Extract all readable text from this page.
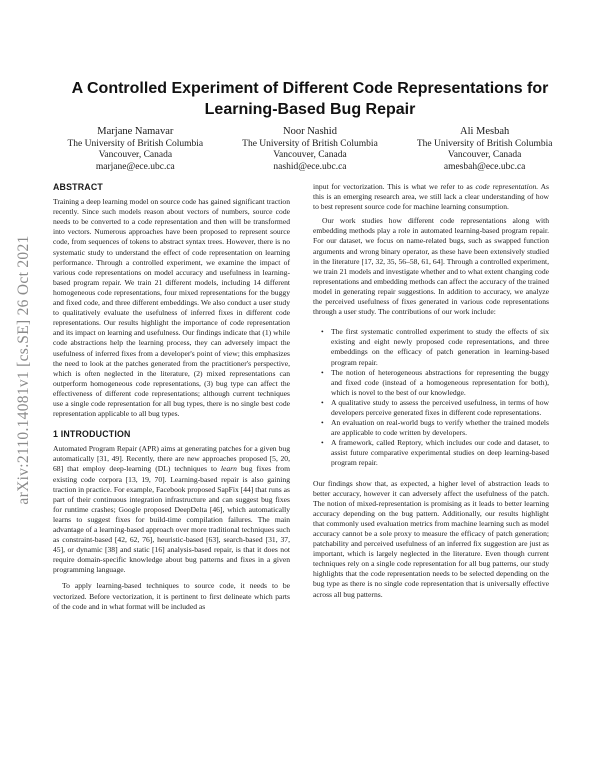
arXiv:2110.14081v1 [cs.SE] 26 Oct 2021
A Controlled Experiment of Different Code Representations for
Learning-Based Bug Repair
Marjane Namavar
The University of British Columbia
Vancouver, Canada
marjane@ece.ubc.ca
Noor Nashid
The University of British Columbia
Vancouver, Canada
nashid@ece.ubc.ca
Ali Mesbah
The University of British Columbia
Vancouver, Canada
amesbah@ece.ubc.ca
ABSTRACT

Training a deep learning model on source code has gained significant traction recently. Since such models reason about vectors of numbers, source code needs to be converted to a code representation and then will be transformed into vectors. Numerous approaches have been proposed to represent source code, from sequences of tokens to abstract syntax trees. However, there is no systematic study to understand the effect of code representation on learning performance. Through a controlled experiment, we examine the impact of various code representations on model accuracy and usefulness in learning-based program repair. We train 21 different models, including 14 different homogeneous code representations, four mixed representations for the buggy and fixed code, and three different embeddings. We also conduct a user study to qualitatively evaluate the usefulness of inferred fixes in different code representations. Our results highlight the importance of code representation and its impact on learning and usefulness. Our findings indicate that (1) while code abstractions help the learning process, they can adversely impact the usefulness of inferred fixes from a developer's point of view; this emphasizes the need to look at the patches generated from the practitioner's perspective, which is often neglected in the literature, (2) mixed representations can outperform homogeneous code representations, (3) bug type can affect the effectiveness of different code representations; although current techniques use a single code representation for all bug types, there is no single best code representation applicable to all bug types.

1 INTRODUCTION

Automated Program Repair (APR) aims at generating patches for a given bug automatically [31, 49]. Recently, there are new approaches proposed [5, 20, 68] that employ deep-learning (DL) techniques to learn bug fixes from existing code corpora [13, 19, 70]. Learning-based repair is also gaining traction in practice. For example, Facebook proposed SapFix [44] that runs as part of their continuous integration infrastructure and can suggest bug fixes for runtime crashes; Google proposed DeepDelta [46], which automatically learns to suggest fixes for build-time compilation failures. The main advantage of a learning-based approach over more traditional techniques such as constraint-based [42, 62, 76], heuristic-based [63], search-based [31, 37, 45], or dynamic [38] and static [16] analysis-based repair, is that it does not require domain-specific knowledge about bug patterns and fixes in a given programming language.

To apply learning-based techniques to source code, it needs to be vectorized. Before vectorization, it is pertinent to first delineate which parts of the code and in what format will be included as

input for vectorization. This is what we refer to as code representation. As this is an emerging research area, we still lack a clear understanding of how to best represent source code for machine learning consumption.

Our work studies how different code representations along with embedding methods play a role in automated learning-based program repair. For our dataset, we focus on name-related bugs, such as swapped function arguments and wrong binary operator, as these have been extensively studied in the literature [17, 32, 35, 56–58, 61, 64]. Through a controlled experiment, we train 21 models and investigate whether and to what extent changing code representations and embedding methods can affect the accuracy of the trained model in generating repair suggestions. In addition to accuracy, we analyze the perceived usefulness of fixes generated in various code representations through a user study. The contributions of our work include:

• The first systematic controlled experiment to study the effects of six existing and eight newly proposed code representations, and three embeddings on the efficacy of patch generation in learning-based program repair.
• The notion of heterogeneous abstractions for representing the buggy and fixed code (instead of a homogeneous representation for both), which is novel to the best of our knowledge.
• A qualitative study to assess the perceived usefulness, in terms of how developers perceive generated fixes in different code representations.
• An evaluation on real-world bugs to verify whether the trained models are applicable to code written by developers.
• A framework, called Reptory, which includes our code and dataset, to assist future comparative experimental studies on deep learning-based program repair.

Our findings show that, as expected, a higher level of abstraction leads to better accuracy, however it can adversely affect the usefulness of the patch. The notion of mixed-representation is promising as it leads to better learning accuracy depending on the bug pattern. Additionally, our results highlight that commonly used evaluation metrics from machine learning such as model accuracy cannot be a sole proxy to measure the efficacy of patch generation; patchability and perceived usefulness of an inferred fix suggestion are just as important, which is largely neglected in the literature. Even though current techniques rely on a single code representation for all bug patterns, our study highlights that the code representation needs to be selected depending on the bug type as there is no single code representation that is universally effective across all bug patterns.
